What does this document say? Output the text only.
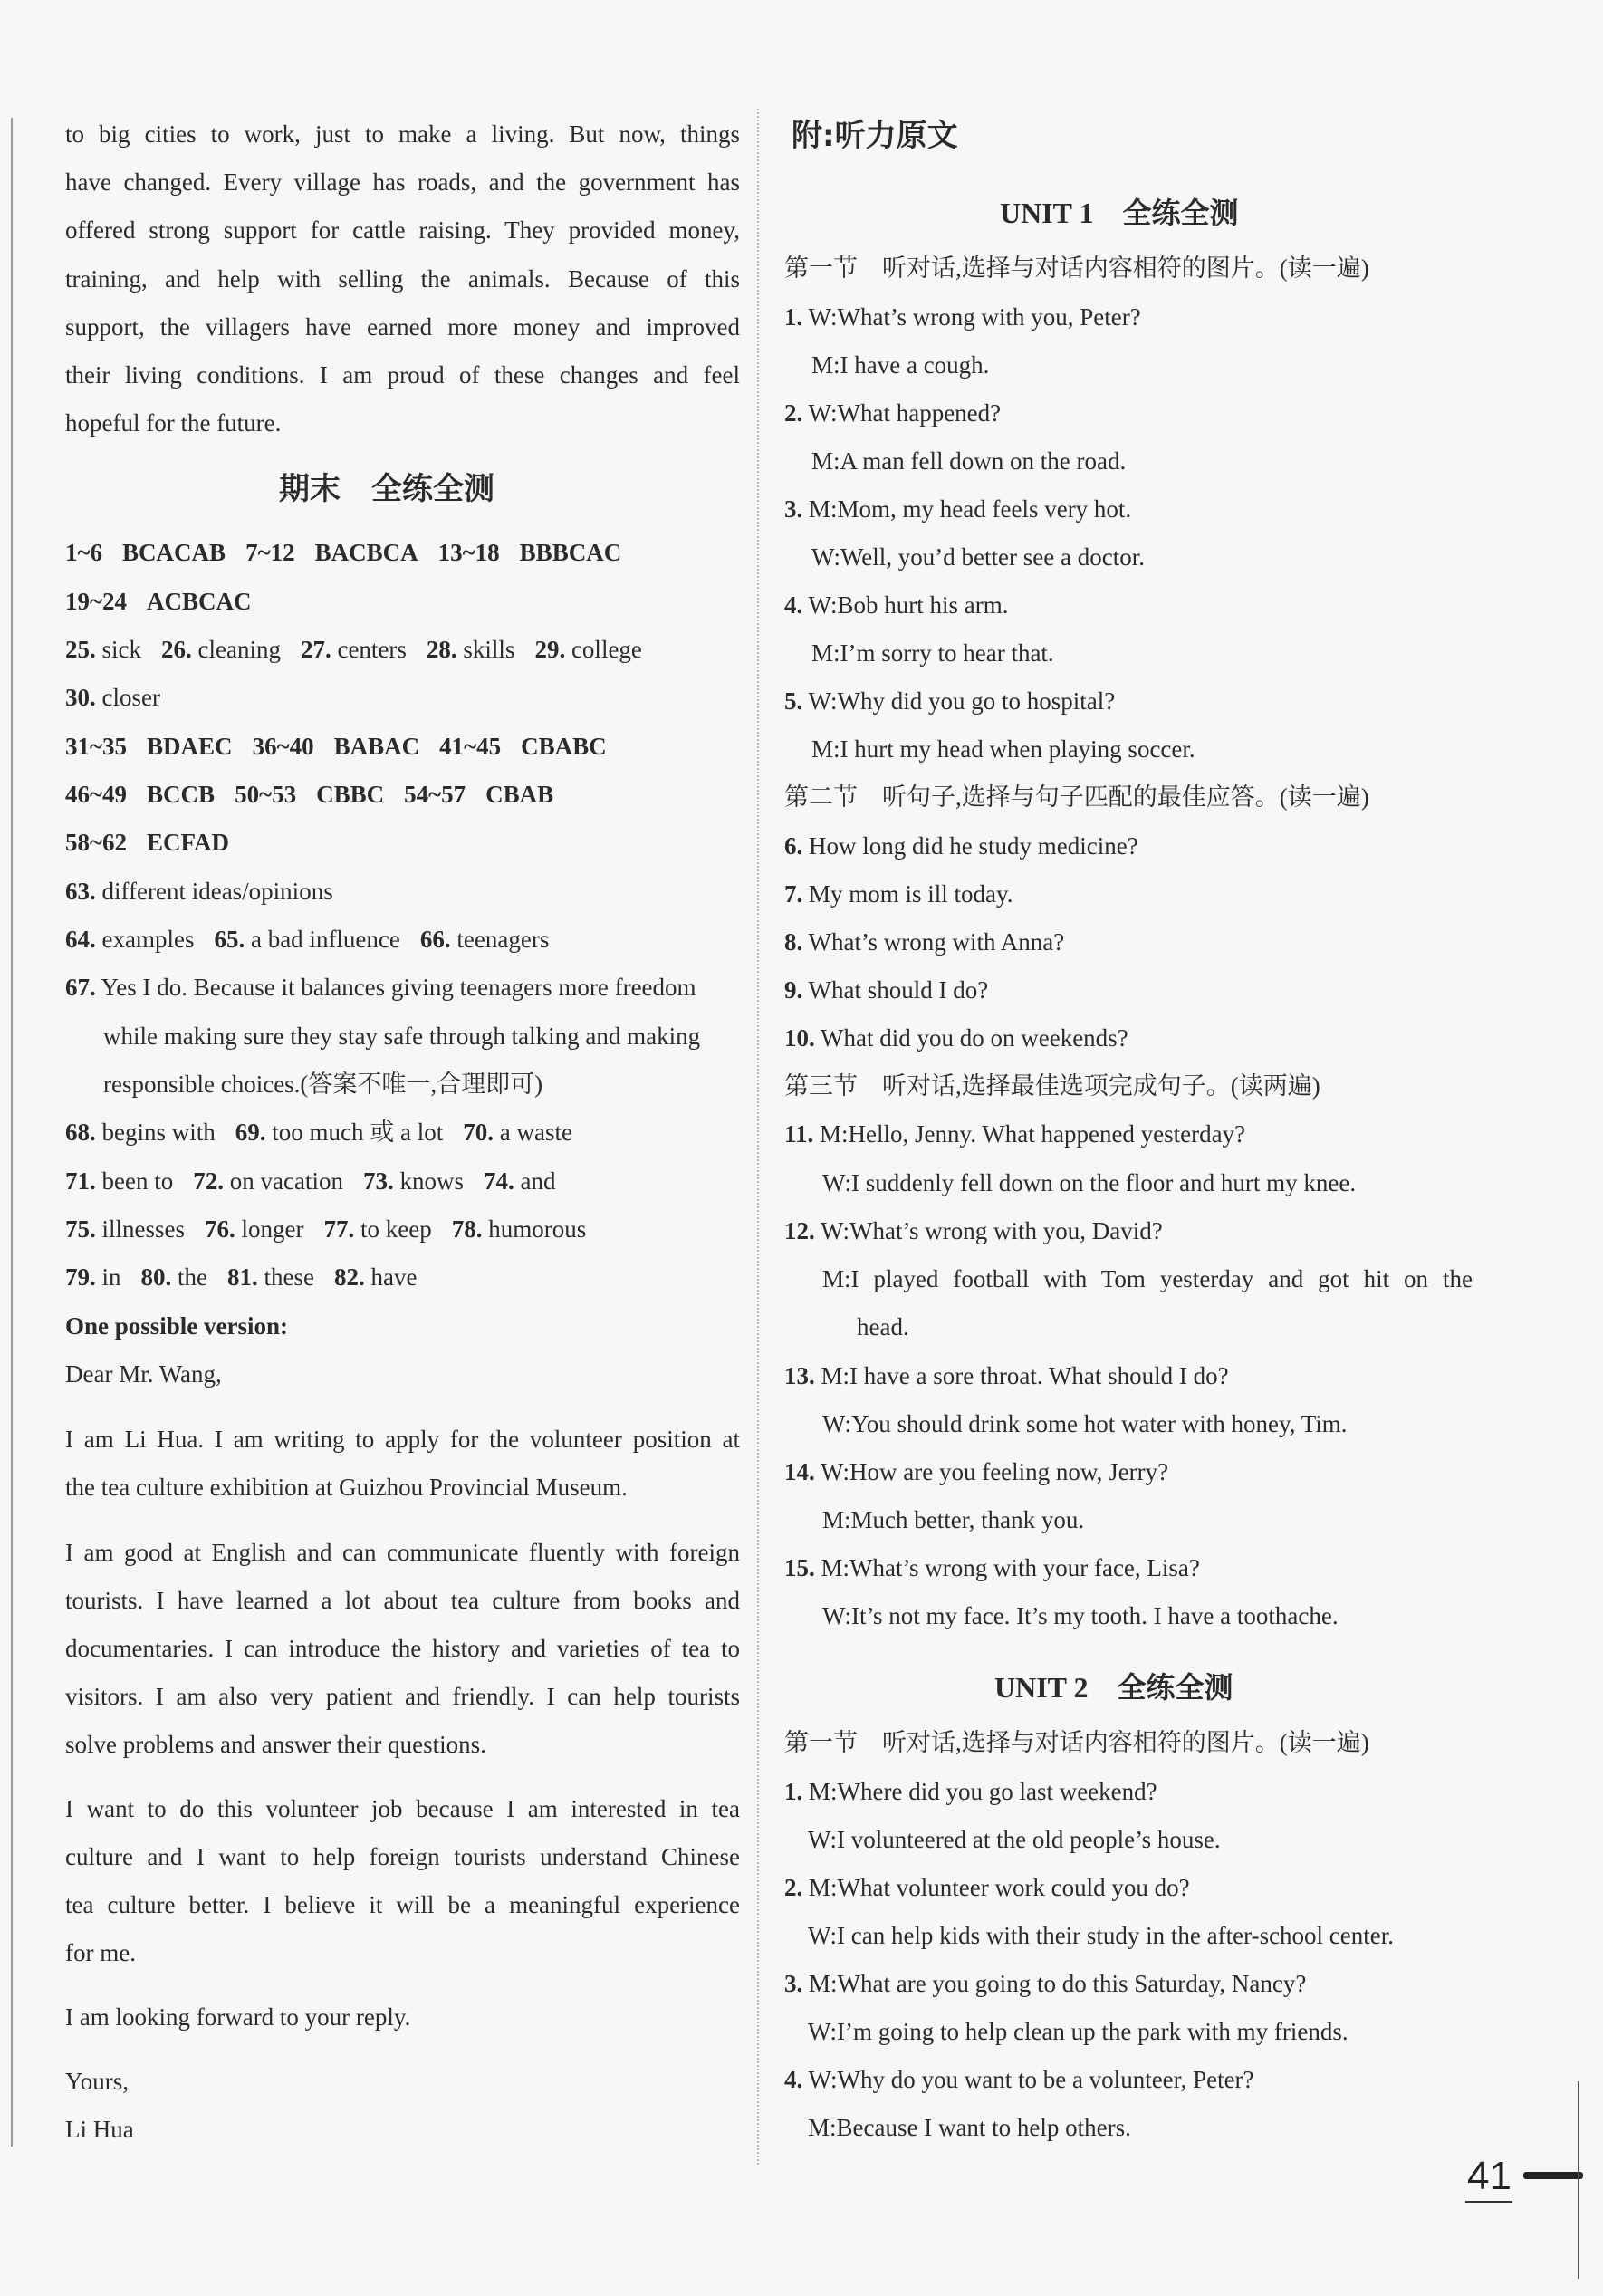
to big cities to work, just to make a living. But now, things
have changed. Every village has roads, and the government has
offered strong support for cattle raising. They provided money,
training, and help with selling the animals. Because of this
support, the villagers have earned more money and improved
their living conditions. I am proud of these changes and feel
hopeful for the future.
期末　全练全测
1~6 BCACAB 7~12 BACBCA 13~18 BBBCAC
19~24 ACBCAC
25. sick 26. cleaning 27. centers 28. skills 29. college
30. closer
31~35 BDAEC 36~40 BABAC 41~45 CBABC
46~49 BCCB 50~53 CBBC 54~57 CBAB
58~62 ECFAD
63. different ideas/opinions
64. examples 65. a bad influence 66. teenagers
67. Yes I do. Because it balances giving teenagers more freedom
while making sure they stay safe through talking and making
responsible choices.(答案不唯一,合理即可)
68. begins with 69. too much 或 a lot 70. a waste
71. been to 72. on vacation 73. knows 74. and
75. illnesses 76. longer 77. to keep 78. humorous
79. in 80. the 81. these 82. have
One possible version:
Dear Mr. Wang,
I am Li Hua. I am writing to apply for the volunteer position at
the tea culture exhibition at Guizhou Provincial Museum.
I am good at English and can communicate fluently with foreign
tourists. I have learned a lot about tea culture from books and
documentaries. I can introduce the history and varieties of tea to
visitors. I am also very patient and friendly. I can help tourists
solve problems and answer their questions.
I want to do this volunteer job because I am interested in tea
culture and I want to help foreign tourists understand Chinese
tea culture better. I believe it will be a meaningful experience
for me.
I am looking forward to your reply.
Yours,
Li Hua
附:听力原文
UNIT 1　全练全测
第一节　听对话,选择与对话内容相符的图片。(读一遍)
1. W:What’s wrong with you, Peter?
M:I have a cough.
2. W:What happened?
M:A man fell down on the road.
3. M:Mom, my head feels very hot.
W:Well, you’d better see a doctor.
4. W:Bob hurt his arm.
M:I’m sorry to hear that.
5. W:Why did you go to hospital?
M:I hurt my head when playing soccer.
第二节　听句子,选择与句子匹配的最佳应答。(读一遍)
6. How long did he study medicine?
7. My mom is ill today.
8. What’s wrong with Anna?
9. What should I do?
10. What did you do on weekends?
第三节　听对话,选择最佳选项完成句子。(读两遍)
11. M:Hello, Jenny. What happened yesterday?
W:I suddenly fell down on the floor and hurt my knee.
12. W:What’s wrong with you, David?
M:I played football with Tom yesterday and got hit on the
head.
13. M:I have a sore throat. What should I do?
W:You should drink some hot water with honey, Tim.
14. W:How are you feeling now, Jerry?
M:Much better, thank you.
15. M:What’s wrong with your face, Lisa?
W:It’s not my face. It’s my tooth. I have a toothache.
UNIT 2　全练全测
第一节　听对话,选择与对话内容相符的图片。(读一遍)
1. M:Where did you go last weekend?
W:I volunteered at the old people’s house.
2. M:What volunteer work could you do?
W:I can help kids with their study in the after-school center.
3. M:What are you going to do this Saturday, Nancy?
W:I’m going to help clean up the park with my friends.
4. W:Why do you want to be a volunteer, Peter?
M:Because I want to help others.
41
